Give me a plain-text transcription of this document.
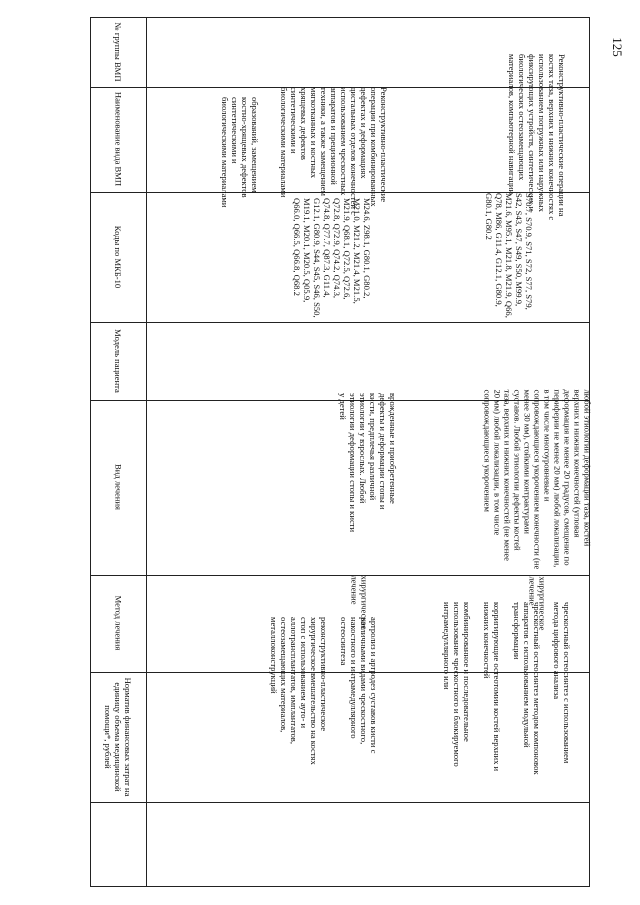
125
№ группы ВМП
Наименование вида ВМП
Коды по МКБ-10
Модель пациента
Вид лечения
Метод лечения
Норматив финансовых затрат на единицу объема медицинской помощи*, рублей
образований, замещением костно-хрящевых дефектов синтетическими и биологическими материалами	Реконструктивно-пластические операции при комбинированных дефектах и деформациях дистальных отделов конечностей с использованием чрескостных аппаратов и прецизионной техники, а также замещением мягкотканных и костных хрящевых дефектов синтетическими и биологическими материалами
M24.6, Z98.1, G80.1, G80.2, M21.0, M21.2, M21.4, M21.5, M21.9, Q68.1, Q72.5, Q72.6, Q72.8, Q72.9, Q74.2, Q74.3, Q74.8, Q77.7, Q87.3, G11.4, G12.1, G80.9, S44, S45, S46, S50, M19.1, M20.1, M20.5, Q05.9, Q66.0, Q66.5, Q66.8, Q68.2
врожденные и приобретенные дефекты и деформации стопы и кисти, предплечья различной этиологии у взрослых. Любой этиологии деформации стопы и кисти у детей
хирургическое лечение

артролиз и артродез суставов кисти с различными видами чрескостного, накостного и интрамедуллярного остеосинтеза

реконструктивно-пластическое хирургическое вмешательство на костях стоп с использованием ауто- и аллотрансплантатов, имплантатов, остеозамещающих материалов, металлоконструкций

Реконструктивно-пластические операции на костях таза, верхних и нижних конечностях с использованием погружных или наружных фиксирующих устройств, синтетических и биологических остеозамещающих материалов, компьютерной навигации
S70.7, S70.9, S71, S72, S77, S79, S42, S43, S47, S49, S50, M99.9, M21.6, M95.1, M21.8, M21.9, Q66, Q78, M86, G11.4, G12.1, G80.9, G80.1, G80.2
любой этиологии деформации таза, костей верхних и нижних конечностей (угловая деформация не менее 20 градусов, смещение по периферии не менее 20 мм) любой локализации, в том числе многоуровневые и сопровождающиеся укорочением конечности (не менее 30 мм), стойкими контрактурами суставов. Любой этиологии дефекты костей таза, верхних и нижних конечностей (не менее 20 мм) любой локализации, в том числе сопровождающиеся укорочением
хирургическое лечение

чрескостный остеосинтез с использованием метода цифрового анализа

чрескостный остеосинтез методом компоновок аппаратов с использованием модульной трансформации

корригирующие остеотомии костей верхних и нижних конечностей

комбинированное и последовательное использование чрескостного и блокируемого интрамедуллярного или
